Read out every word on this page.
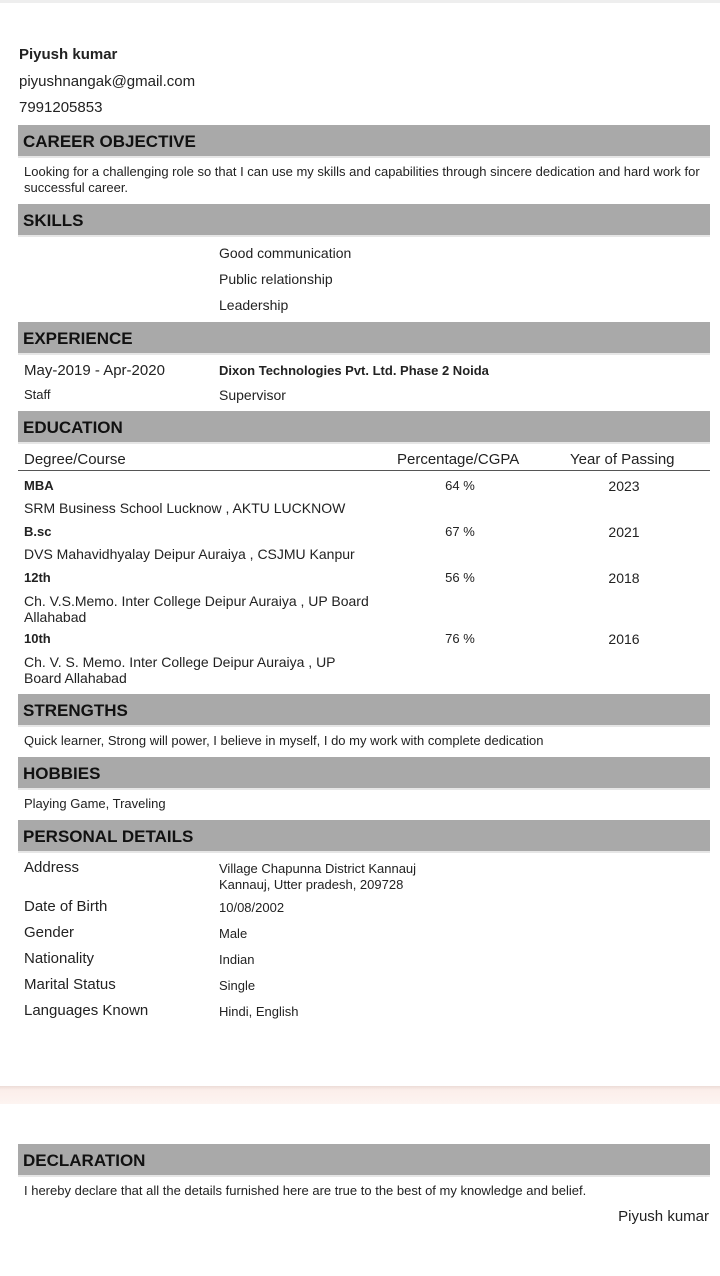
Piyush kumar
piyushnangak@gmail.com
7991205853
CAREER OBJECTIVE
Looking for a challenging role so that I can use my skills and capabilities through sincere dedication and hard work for successful career.
SKILLS
Good communication
Public relationship
Leadership
EXPERIENCE
May-2019 - Apr-2020	Dixon Technologies Pvt. Ltd. Phase 2 Noida
Staff	Supervisor
EDUCATION
Degree/Course	Percentage/CGPA	Year of Passing
MBA	64 %	2023
SRM Business School Lucknow , AKTU LUCKNOW
B.sc	67 %	2021
DVS Mahavidhyalay Deipur Auraiya , CSJMU Kanpur
12th	56 %	2018
Ch. V.S.Memo. Inter College Deipur Auraiya , UP Board Allahabad
10th	76 %	2016
Ch. V. S. Memo. Inter College Deipur Auraiya , UP Board Allahabad
STRENGTHS
Quick learner, Strong will power, I believe in myself, I do my work with complete dedication
HOBBIES
Playing Game, Traveling
PERSONAL DETAILS
Address	Village Chapunna District Kannauj
Kannauj, Utter pradesh, 209728
Date of Birth	10/08/2002
Gender	Male
Nationality	Indian
Marital Status	Single
Languages Known	Hindi, English
DECLARATION
I hereby declare that all the details furnished here are true to the best of my knowledge and belief.
Piyush kumar
